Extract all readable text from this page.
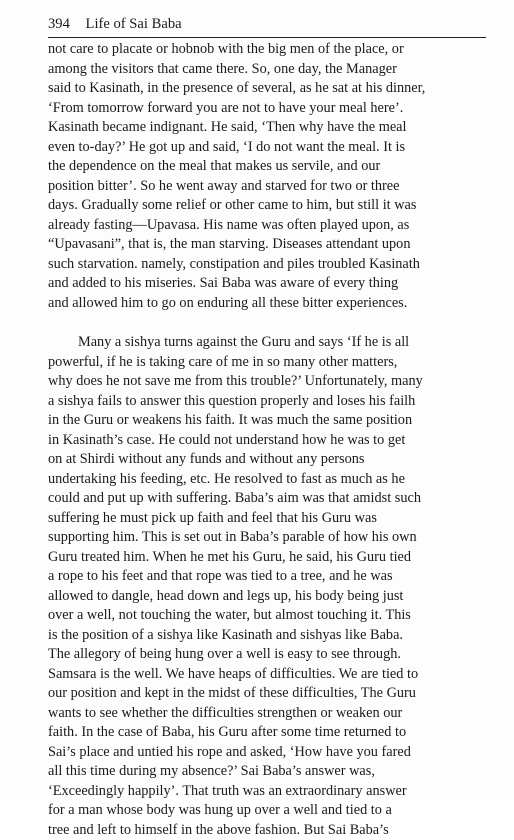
394 Life of Sai Baba
not care to placate or hobnob with the big men of the place, or
among the visitors that came there. So, one day, the Manager
said to Kasinath, in the presence of several, as he sat at his dinner,
‘From tomorrow forward you are not to have your meal here’.
Kasinath became indignant. He said, ‘Then why have the meal
even to-day?’ He got up and said, ‘I do not want the meal. It is
the dependence on the meal that makes us servile, and our
position bitter’. So he went away and starved for two or three
days. Gradually some relief or other came to him, but still it was
already fasting—Upavasa. His name was often played upon, as
“Upavasani”, that is, the man starving. Diseases attendant upon
such starvation. namely, constipation and piles troubled Kasinath
and added to his miseries. Sai Baba was aware of every thing
and allowed him to go on enduring all these bitter experiences.
Many a sishya turns against the Guru and says ‘If he is all
powerful, if he is taking care of me in so many other matters,
why does he not save me from this trouble?’ Unfortunately, many
a sishya fails to answer this question properly and loses his failh
in the Guru or weakens his faith. It was much the same position
in Kasinath’s case. He could not understand how he was to get
on at Shirdi without any funds and without any persons
undertaking his feeding, etc. He resolved to fast as much as he
could and put up with suffering. Baba’s aim was that amidst such
suffering he must pick up faith and feel that his Guru was
supporting him. This is set out in Baba’s parable of how his own
Guru treated him. When he met his Guru, he said, his Guru tied
a rope to his feet and that rope was tied to a tree, and he was
allowed to dangle, head down and legs up, his body being just
over a well, not touching the water, but almost touching it. This
is the position of a sishya like Kasinath and sishyas like Baba.
The allegory of being hung over a well is easy to see through.
Samsara is the well. We have heaps of difficulties. We are tied to
our position and kept in the midst of these difficulties, The Guru
wants to see whether the difficulties strengthen or weaken our
faith. In the case of Baba, his Guru after some time returned to
Sai’s place and untied his rope and asked, ‘How have you fared
all this time during my absence?’ Sai Baba’s answer was,
‘Exceedingly happily’. That truth was an extraordinary answer
for a man whose body was hung up over a well and tied to a
tree and left to himself in the above fashion. But Sai Baba’s
